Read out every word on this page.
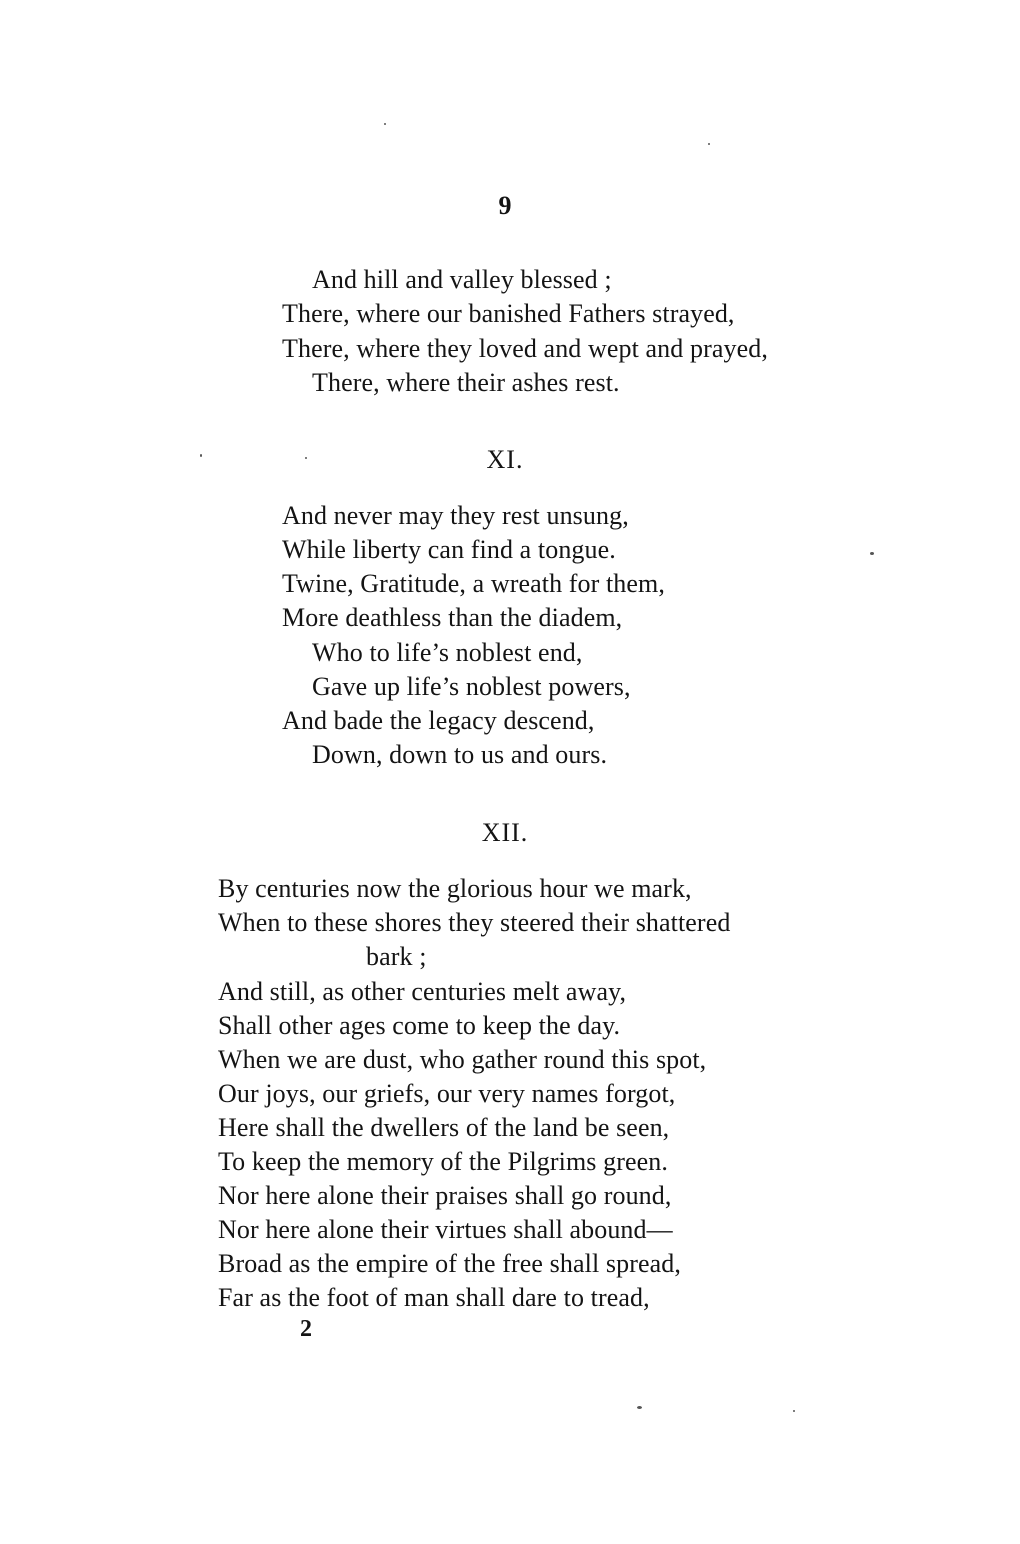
9
And hill and valley blessed ;
There, where our banished Fathers strayed,
There, where they loved and wept and prayed,
There, where their ashes rest.
XI.
And never may they rest unsung,
While liberty can find a tongue.
Twine, Gratitude, a wreath for them,
More deathless than the diadem,
Who to life’s noblest end,
Gave up life’s noblest powers,
And bade the legacy descend,
Down, down to us and ours.
XII.
By centuries now the glorious hour we mark,
When to these shores they steered their shattered
bark ;
And still, as other centuries melt away,
Shall other ages come to keep the day.
When we are dust, who gather round this spot,
Our joys, our griefs, our very names forgot,
Here shall the dwellers of the land be seen,
To keep the memory of the Pilgrims green.
Nor here alone their praises shall go round,
Nor here alone their virtues shall abound—
Broad as the empire of the free shall spread,
Far as the foot of man shall dare to tread,
2
